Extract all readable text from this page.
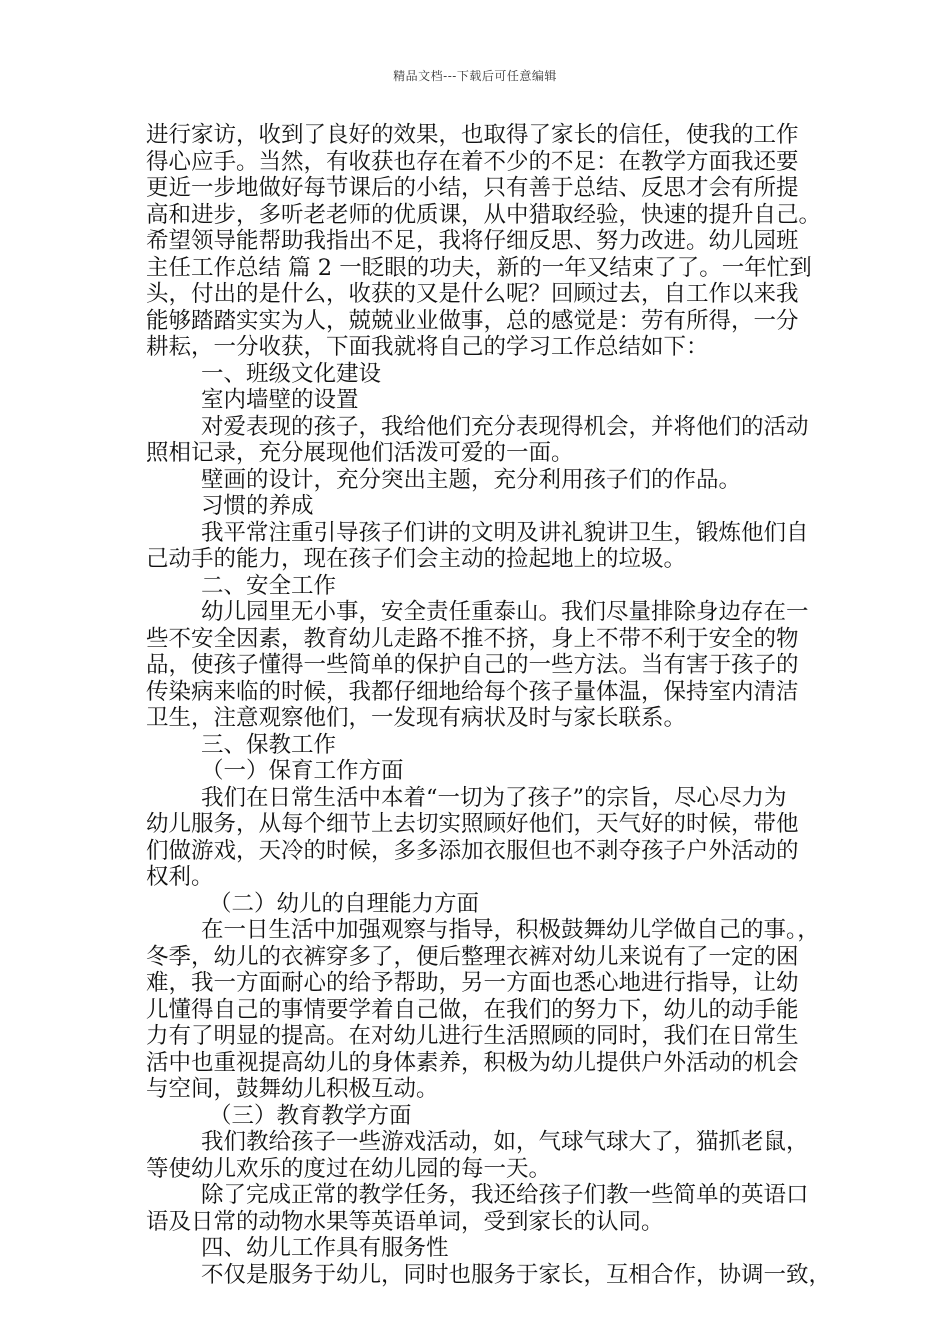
精品文档---下载后可任意编辑

进行家访，收到了良好的效果，也取得了家长的信任，使我的工作

得心应手。当然，有收获也存在着不少的不足：在教学方面我还要

更近一步地做好每节课后的小结，只有善于总结、反思才会有所提

高和进步，多听老老师的优质课，从中猎取经验，快速的提升自己。

希望领导能帮助我指出不足，我将仔细反思、努力改进。幼儿园班

主任工作总结 篇 2 一眨眼的功夫，新的一年又结束了了。一年忙到

头，付出的是什么，收获的又是什么呢？回顾过去，自工作以来我

能够踏踏实实为人，兢兢业业做事，总的感觉是：劳有所得，一分

耕耘，一分收获，下面我就将自己的学习工作总结如下：

一、班级文化建设

室内墙壁的设置

对爱表现的孩子，我给他们充分表现得机会，并将他们的活动

照相记录，充分展现他们活泼可爱的一面。

壁画的设计，充分突出主题，充分利用孩子们的作品。

习惯的养成

我平常注重引导孩子们讲的文明及讲礼貌讲卫生，锻炼他们自

己动手的能力，现在孩子们会主动的捡起地上的垃圾。

二、安全工作

幼儿园里无小事，安全责任重泰山。我们尽量排除身边存在一

些不安全因素，教育幼儿走路不推不挤，身上不带不利于安全的物

品，使孩子懂得一些简单的保护自己的一些方法。当有害于孩子的

传染病来临的时候，我都仔细地给每个孩子量体温，保持室内清洁

卫生，注意观察他们，一发现有病状及时与家长联系。

三、保教工作

（一）保育工作方面

我们在日常生活中本着“一切为了孩子”的宗旨，尽心尽力为

幼儿服务，从每个细节上去切实照顾好他们，天气好的时候，带他

们做游戏，天冷的时候，多多添加衣服但也不剥夺孩子户外活动的

权利。

（二）幼儿的自理能力方面

在一日生活中加强观察与指导，积极鼓舞幼儿学做自己的事。，

冬季，幼儿的衣裤穿多了，便后整理衣裤对幼儿来说有了一定的困

难，我一方面耐心的给予帮助，另一方面也悉心地进行指导，让幼

儿懂得自己的事情要学着自己做，在我们的努力下，幼儿的动手能

力有了明显的提高。在对幼儿进行生活照顾的同时，我们在日常生

活中也重视提高幼儿的身体素养，积极为幼儿提供户外活动的机会

与空间，鼓舞幼儿积极互动。

（三）教育教学方面

我们教给孩子一些游戏活动，如，气球气球大了，猫抓老鼠，

等使幼儿欢乐的度过在幼儿园的每一天。

除了完成正常的教学任务，我还给孩子们教一些简单的英语口

语及日常的动物水果等英语单词，受到家长的认同。

四、幼儿工作具有服务性

不仅是服务于幼儿，同时也服务于家长，互相合作，协调一致，
